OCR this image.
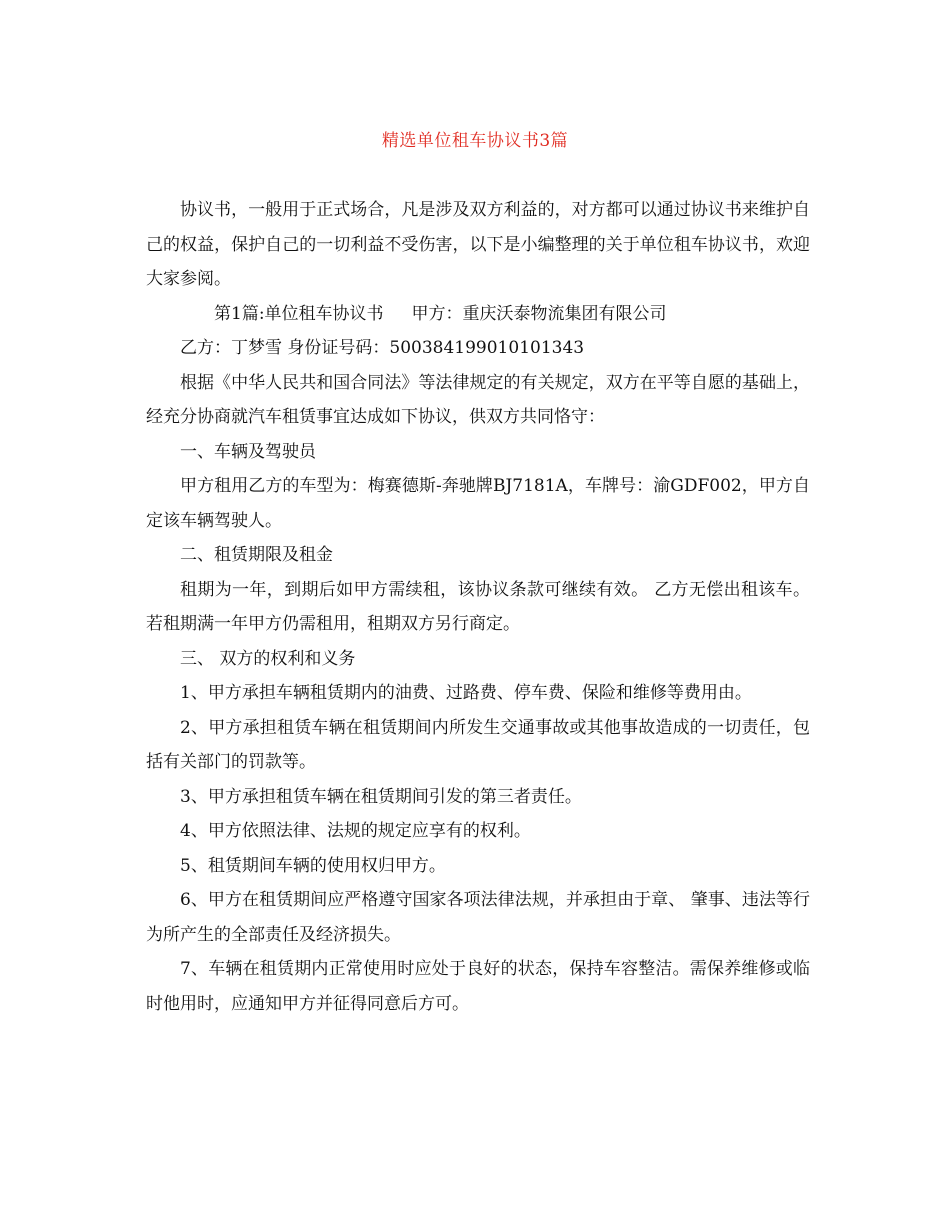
精选单位租车协议书3篇

协议书，一般用于正式场合，凡是涉及双方利益的，对方都可以通过协议书来维护自己的权益，保护自己的一切利益不受伤害，以下是小编整理的关于单位租车协议书，欢迎大家参阅。

第1篇:单位租车协议书 甲方：重庆沃泰物流集团有限公司

乙方：丁梦雪 身份证号码：500384199010101343

根据《中华人民共和国合同法》等法律规定的有关规定，双方在平等自愿的基础上，经充分协商就汽车租赁事宜达成如下协议，供双方共同恪守：

一、车辆及驾驶员

甲方租用乙方的车型为：梅赛德斯-奔驰牌BJ7181A，车牌号：渝GDF002，甲方自定该车辆驾驶人。

二、租赁期限及租金

租期为一年，到期后如甲方需续租，该协议条款可继续有效。 乙方无偿出租该车。若租期满一年甲方仍需租用，租期双方另行商定。

三、 双方的权利和义务

1、甲方承担车辆租赁期内的油费、过路费、停车费、保险和维修等费用由。

2、甲方承担租赁车辆在租赁期间内所发生交通事故或其他事故造成的一切责任，包括有关部门的罚款等。

3、甲方承担租赁车辆在租赁期间引发的第三者责任。

4、甲方依照法律、法规的规定应享有的权利。

5、租赁期间车辆的使用权归甲方。

6、甲方在租赁期间应严格遵守国家各项法律法规，并承担由于章、 肇事、违法等行为所产生的全部责任及经济损失。

7、车辆在租赁期内正常使用时应处于良好的状态，保持车容整洁。需保养维修或临时他用时，应通知甲方并征得同意后方可。
